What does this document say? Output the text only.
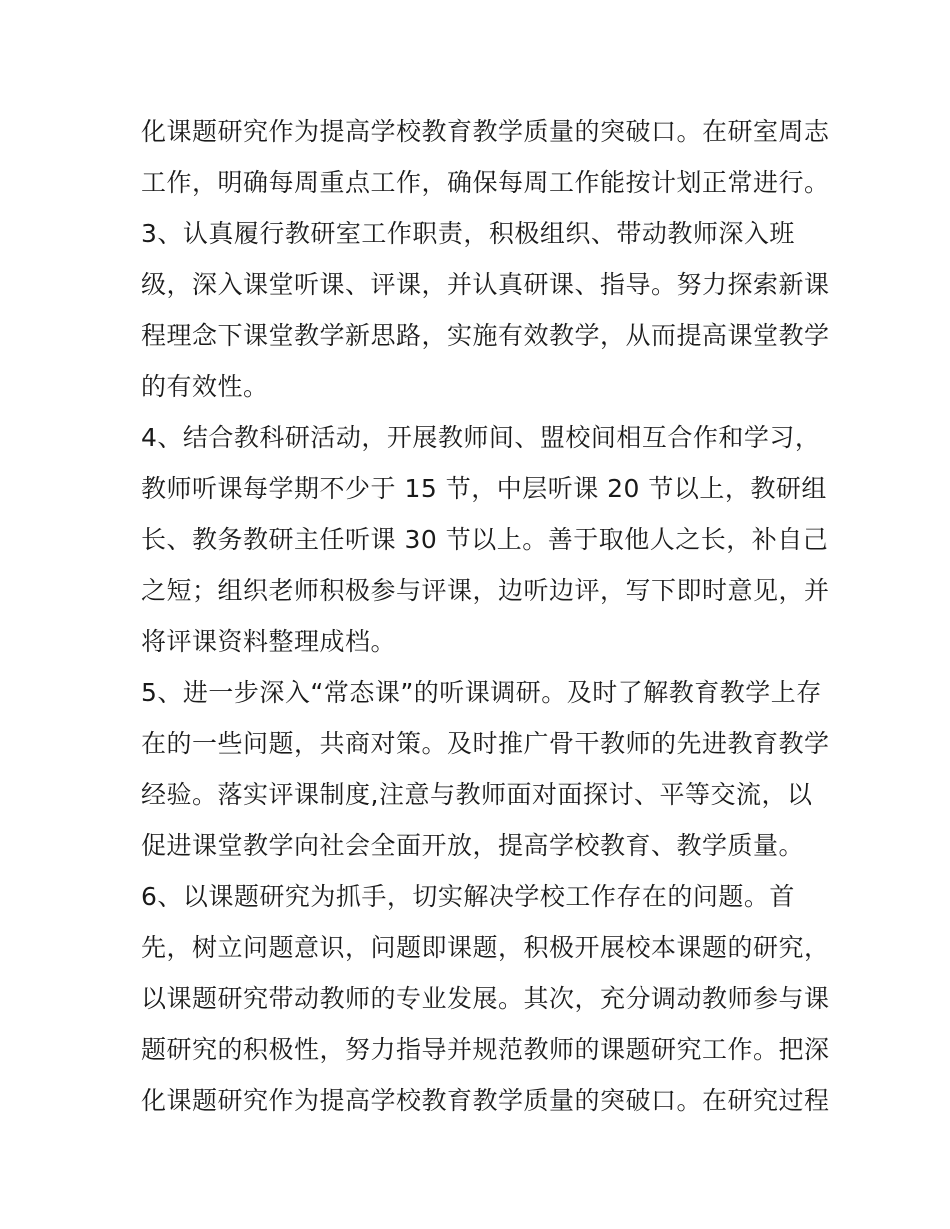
化课题研究作为提高学校教育教学质量的突破口。在研室周志
工作，明确每周重点工作，确保每周工作能按计划正常进行。
3、认真履行教研室工作职责，积极组织、带动教师深入班
级，深入课堂听课、评课，并认真研课、指导。努力探索新课
程理念下课堂教学新思路，实施有效教学，从而提高课堂教学
的有效性。
4、结合教科研活动，开展教师间、盟校间相互合作和学习，
教师听课每学期不少于 15 节，中层听课 20 节以上，教研组
长、教务教研主任听课 30 节以上。善于取他人之长，补自己
之短；组织老师积极参与评课，边听边评，写下即时意见，并
将评课资料整理成档。
5、进一步深入“常态课”的听课调研。及时了解教育教学上存
在的一些问题，共商对策。及时推广骨干教师的先进教育教学
经验。落实评课制度,注意与教师面对面探讨、平等交流，以
促进课堂教学向社会全面开放，提高学校教育、教学质量。
6、以课题研究为抓手，切实解决学校工作存在的问题。首
先，树立问题意识，问题即课题，积极开展校本课题的研究，
以课题研究带动教师的专业发展。其次，充分调动教师参与课
题研究的积极性，努力指导并规范教师的课题研究工作。把深
化课题研究作为提高学校教育教学质量的突破口。在研究过程
